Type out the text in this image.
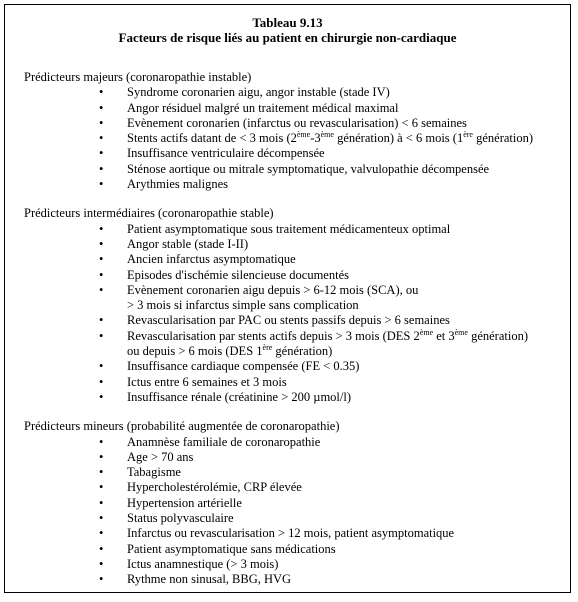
Tableau 9.13
Facteurs de risque liés au patient en chirurgie non-cardiaque
Prédicteurs majeurs (coronaropathie instable)
• Syndrome coronarien aigu, angor instable (stade IV)
• Angor résiduel malgré un traitement médical maximal
• Evènement coronarien (infarctus ou revascularisation) < 6 semaines
• Stents actifs datant de < 3 mois (2ème-3ème génération) à < 6 mois (1ère génération)
• Insuffisance ventriculaire décompensée
• Sténose aortique ou mitrale symptomatique, valvulopathie décompensée
• Arythmies malignes
Prédicteurs intermédiaires (coronaropathie stable)
• Patient asymptomatique sous traitement médicamenteux optimal
• Angor stable (stade I-II)
• Ancien infarctus asymptomatique
• Episodes d'ischémie silencieuse documentés
• Evènement coronarien aigu depuis > 6-12 mois (SCA), ou
> 3 mois si infarctus simple sans complication
• Revascularisation par PAC ou stents passifs depuis > 6 semaines
• Revascularisation par stents actifs depuis > 3 mois (DES 2ème et 3ème génération)
ou depuis > 6 mois (DES 1ère génération)
• Insuffisance cardiaque compensée (FE < 0.35)
• Ictus entre 6 semaines et 3 mois
• Insuffisance rénale (créatinine > 200 µmol/l)
Prédicteurs mineurs (probabilité augmentée de coronaropathie)
• Anamnèse familiale de coronaropathie
• Age > 70 ans
• Tabagisme
• Hypercholestérolémie, CRP élevée
• Hypertension artérielle
• Status polyvasculaire
• Infarctus ou revascularisation > 12 mois, patient asymptomatique
• Patient asymptomatique sans médications
• Ictus anamnestique (> 3 mois)
• Rythme non sinusal, BBG, HVG
